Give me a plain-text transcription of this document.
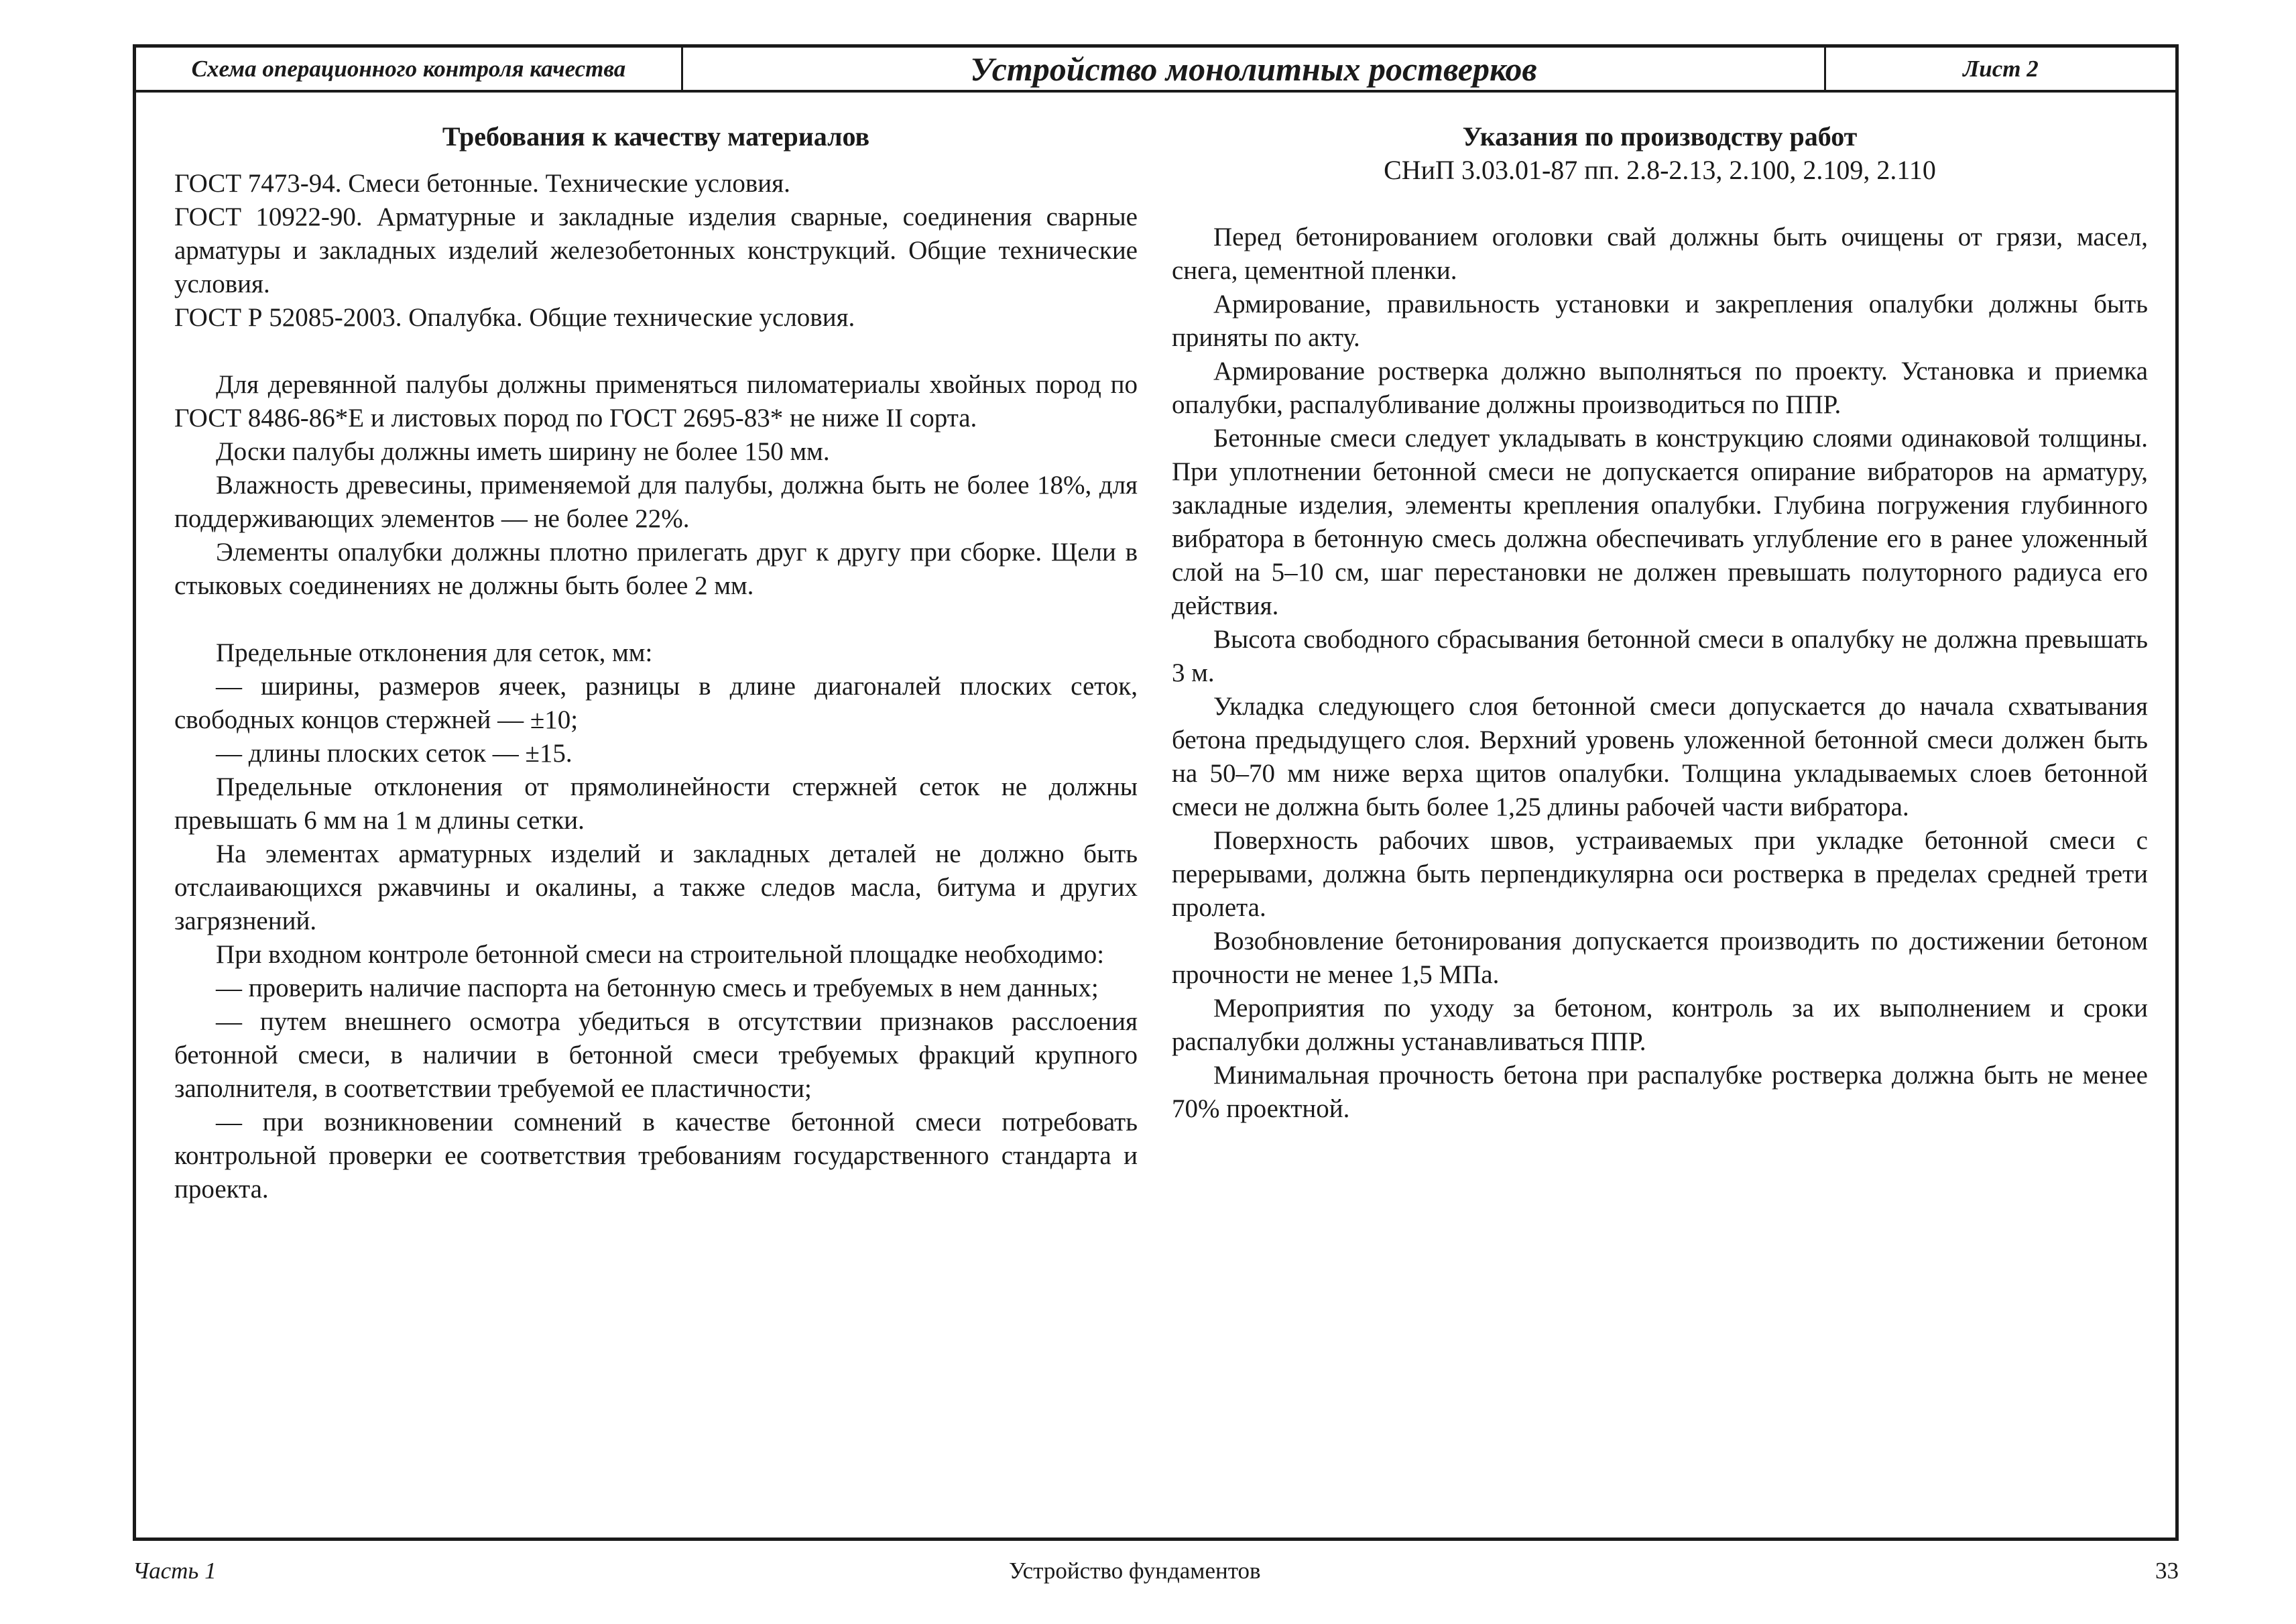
Схема операционного контроля качества	Устройство монолитных ростверков	Лист 2

Требования к качеству материалов

ГОСТ 7473-94. Смеси бетонные. Технические условия.

ГОСТ 10922-90. Арматурные и закладные изделия сварные, соединения сварные арматуры и закладных изделий железобетонных конструкций. Общие технические условия.

ГОСТ Р 52085-2003. Опалубка. Общие технические условия.

Для деревянной палубы должны применяться пиломатериалы хвойных пород по ГОСТ 8486-86*Е и листовых пород по ГОСТ 2695-83* не ниже II сорта.

Доски палубы должны иметь ширину не более 150 мм.

Влажность древесины, применяемой для палубы, должна быть не более 18%, для поддерживающих элементов — не более 22%.

Элементы опалубки должны плотно прилегать друг к другу при сборке. Щели в стыковых соединениях не должны быть более 2 мм.

Предельные отклонения для сеток, мм:

— ширины, размеров ячеек, разницы в длине диагоналей плоских сеток, свободных концов стержней — ±10;

— длины плоских сеток — ±15.

Предельные отклонения от прямолинейности стержней сеток не должны превышать 6 мм на 1 м длины сетки.

На элементах арматурных изделий и закладных деталей не должно быть отслаивающихся ржавчины и окалины, а также следов масла, битума и других загрязнений.

При входном контроле бетонной смеси на строительной площадке необходимо:

— проверить наличие паспорта на бетонную смесь и требуемых в нем данных;

— путем внешнего осмотра убедиться в отсутствии признаков расслоения бетонной смеси, в наличии в бетонной смеси требуемых фракций крупного заполнителя, в соответствии требуемой ее пластичности;

— при возникновении сомнений в качестве бетонной смеси потребовать контрольной проверки ее соответствия требованиям государственного стандарта и проекта.

Указания по производству работ

СНиП 3.03.01-87 пп. 2.8-2.13, 2.100, 2.109, 2.110

Перед бетонированием оголовки свай должны быть очищены от грязи, масел, снега, цементной пленки.

Армирование, правильность установки и закрепления опалубки должны быть приняты по акту.

Армирование ростверка должно выполняться по проекту. Установка и приемка опалубки, распалубливание должны производиться по ППР.

Бетонные смеси следует укладывать в конструкцию слоями одинаковой толщины. При уплотнении бетонной смеси не допускается опирание вибраторов на арматуру, закладные изделия, элементы крепления опалубки. Глубина погружения глубинного вибратора в бетонную смесь должна обеспечивать углубление его в ранее уложенный слой на 5–10 см, шаг перестановки не должен превышать полуторного радиуса его действия.

Высота свободного сбрасывания бетонной смеси в опалубку не должна превышать 3 м.

Укладка следующего слоя бетонной смеси допускается до начала схватывания бетона предыдущего слоя. Верхний уровень уложенной бетонной смеси должен быть на 50–70 мм ниже верха щитов опалубки. Толщина укладываемых слоев бетонной смеси не должна быть более 1,25 длины рабочей части вибратора.

Поверхность рабочих швов, устраиваемых при укладке бетонной смеси с перерывами, должна быть перпендикулярна оси ростверка в пределах средней трети пролета.

Возобновление бетонирования допускается производить по достижении бетоном прочности не менее 1,5 МПа.

Мероприятия по уходу за бетоном, контроль за их выполнением и сроки распалубки должны устанавливаться ППР.

Минимальная прочность бетона при распалубке ростверка должна быть не менее 70% проектной.

Часть 1	Устройство фундаментов	33
